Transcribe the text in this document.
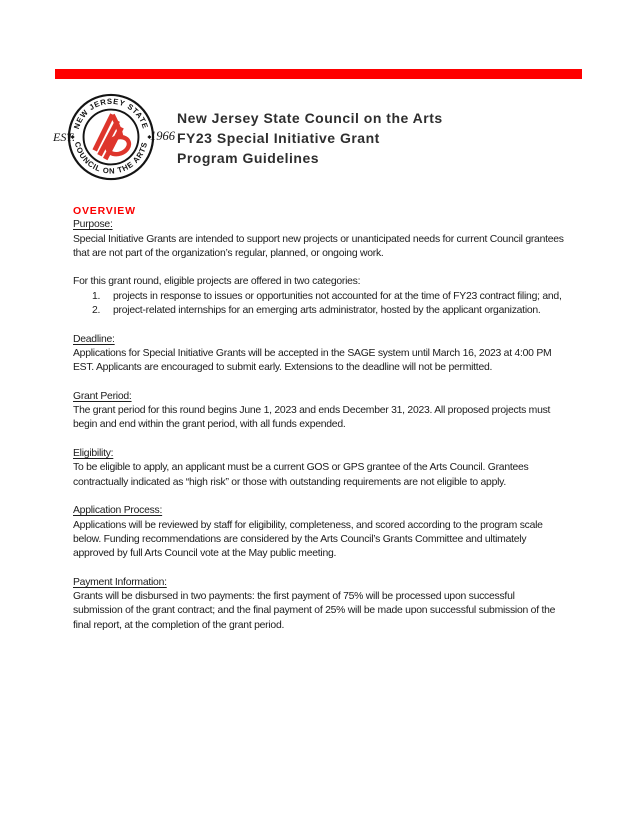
NEW JERSEY STATE
COUNCIL ON THE ARTS
EST.	1966
New Jersey State Council on the Arts
FY23 Special Initiative Grant
Program Guidelines
OVERVIEW
Purpose:

Special Initiative Grants are intended to support new projects or unanticipated needs for current Council grantees that are not part of the organization’s regular, planned, or ongoing work.

For this grant round, eligible projects are offered in two categories:

1.	projects in response to issues or opportunities not accounted for at the time of FY23 contract filing; and,
2.	project-related internships for an emerging arts administrator, hosted by the applicant organization.
Deadline:

Applications for Special Initiative Grants will be accepted in the SAGE system until March 16, 2023 at 4:00 PM EST. Applicants are encouraged to submit early. Extensions to the deadline will not be permitted.

Grant Period:

The grant period for this round begins June 1, 2023 and ends December 31, 2023. All proposed projects must begin and end within the grant period, with all funds expended.

Eligibility:

To be eligible to apply, an applicant must be a current GOS or GPS grantee of the Arts Council. Grantees contractually indicated as “high risk” or those with outstanding requirements are not eligible to apply.

Application Process:

Applications will be reviewed by staff for eligibility, completeness, and scored according to the program scale below. Funding recommendations are considered by the Arts Council’s Grants Committee and ultimately approved by full Arts Council vote at the May public meeting.

Payment Information:

Grants will be disbursed in two payments: the first payment of 75% will be processed upon successful submission of the grant contract; and the final payment of 25% will be made upon successful submission of the final report, at the completion of the grant period.
